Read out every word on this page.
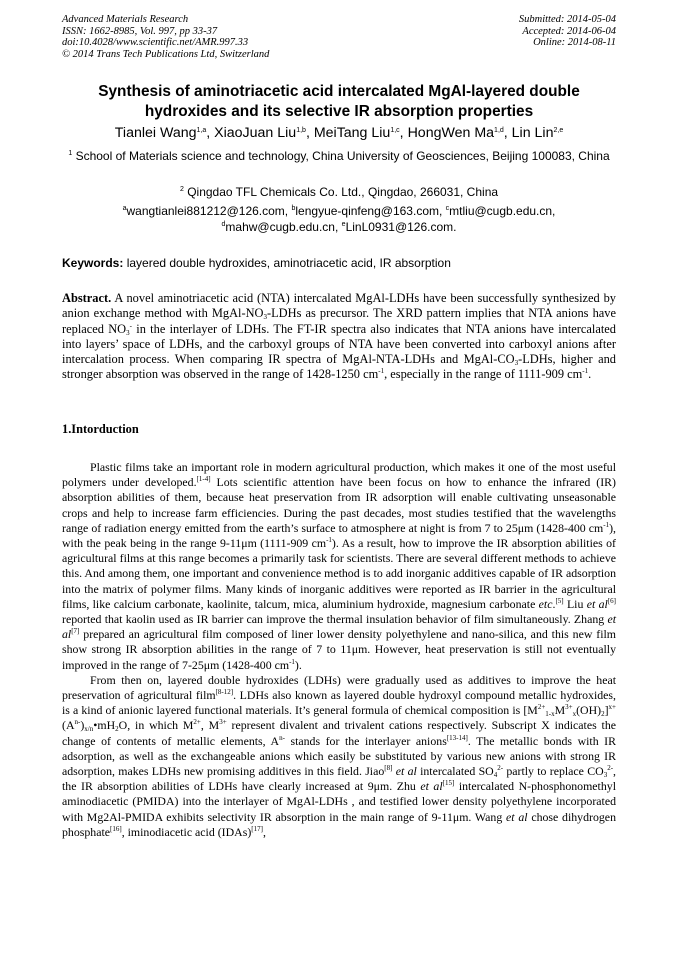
Advanced Materials Research
ISSN: 1662-8985, Vol. 997, pp 33-37
doi:10.4028/www.scientific.net/AMR.997.33
© 2014 Trans Tech Publications Ltd, Switzerland
Submitted: 2014-05-04
Accepted: 2014-06-04
Online: 2014-08-11
Synthesis of aminotriacetic acid intercalated MgAl-layered double hydroxides and its selective IR absorption properties
Tianlei Wang$^{1,a}$, XiaoJuan Liu$^{1,b}$, MeiTang Liu$^{1,c}$, HongWen Ma$^{1,d}$, Lin Lin$^{2,e}$
$^1$ School of Materials science and technology, China University of Geosciences, Beijing 100083, China
$^2$ Qingdao TFL Chemicals Co. Ltd., Qingdao, 266031, China
$^a$wangtianlei881212@126.com, $^b$lengyue-qinfeng@163.com, $^c$mtliu@cugb.edu.cn,
$^d$mahw@cugb.edu.cn, $^e$LinL0931@126.com.
Keywords: layered double hydroxides, aminotriacetic acid, IR absorption
Abstract. A novel aminotriacetic acid (NTA) intercalated MgAl-LDHs have been successfully synthesized by anion exchange method with MgAl-$NO_3$-LDHs as precursor. The XRD pattern implies that NTA anions have replaced $NO_3^-$ in the interlayer of LDHs. The FT-IR spectra also indicates that NTA anions have intercalated into layers’ space of LDHs, and the carboxyl groups of NTA have been converted into carboxyl anions after intercalation process. When comparing IR spectra of MgAl-NTA-LDHs and MgAl-$CO_3$-LDHs, higher and stronger absorption was observed in the range of 1428-1250 $cm^{-1}$, especially in the range of 1111-909 $cm^{-1}$.
1.Intorduction

Plastic films take an important role in modern agricultural production, which makes it one of the most useful polymers under developed.[1-4] Lots scientific attention have been focus on how to enhance the infrared (IR) absorption abilities of them, because heat preservation from IR adsorption will enable cultivating unseasonable crops and help to increase farm efficiencies. During the past decades, most studies testified that the wavelengths range of radiation energy emitted from the earth’s surface to atmosphere at night is from 7 to 25μm (1428-400 $cm^{-1}$), with the peak being in the range 9-11μm (1111-909 $cm^{-1}$). As a result, how to improve the IR absorption abilities of agricultural films at this range becomes a primarily task for scientists. There are several different methods to achieve this. And among them, one important and convenience method is to add inorganic additives capable of IR adsorption into the matrix of polymer films. Many kinds of inorganic additives were reported as IR barrier in the agricultural films, like calcium carbonate, kaolinite, talcum, mica, aluminium hydroxide, magnesium carbonate etc.[5] Liu et al[6] reported that kaolin used as IR barrier can improve the thermal insulation behavior of film simultaneously. Zhang et al[7] prepared an agricultural film composed of liner lower density polyethylene and nano-silica, and this new film show strong IR absorption abilities in the range of 7 to 11μm. However, heat preservation is still not eventually improved in the range of 7-25μm (1428-400 $cm^{-1}$).

From then on, layered double hydroxides (LDHs) were gradually used as additives to improve the heat preservation of agricultural film[8-12]. LDHs also known as layered double hydroxyl compound metallic hydroxides, is a kind of anionic layered functional materials. It’s general formula of chemical composition is $[M^{2+}_{1-x}M^{3+}_x(OH)_2]^{x+}(A^{n-})_{x/n}•mH_2O$, in which $M^{2+}$, $M^{3+}$ represent divalent and trivalent cations respectively. Subscript X indicates the change of contents of metallic elements, $A^{n-}$ stands for the interlayer anions[13-14]. The metallic bonds with IR adsorption, as well as the exchangeable anions which easily be substituted by various new anions with strong IR adsorption, makes LDHs new promising additives in this field. Jiao[8] et al intercalated $SO_4^{2-}$ partly to replace $CO_3^{2-}$, the IR absorption abilities of LDHs have clearly increased at 9μm. Zhu et al[15] intercalated N-phosphonomethyl aminodiacetic (PMIDA) into the interlayer of MgAl-LDHs , and testified lower density polyethylene incorporated with Mg2Al-PMIDA exhibits selectivity IR absorption in the main range of 9-11μm. Wang et al chose dihydrogen phosphate[16], iminodiacetic acid (IDAs)[17],
